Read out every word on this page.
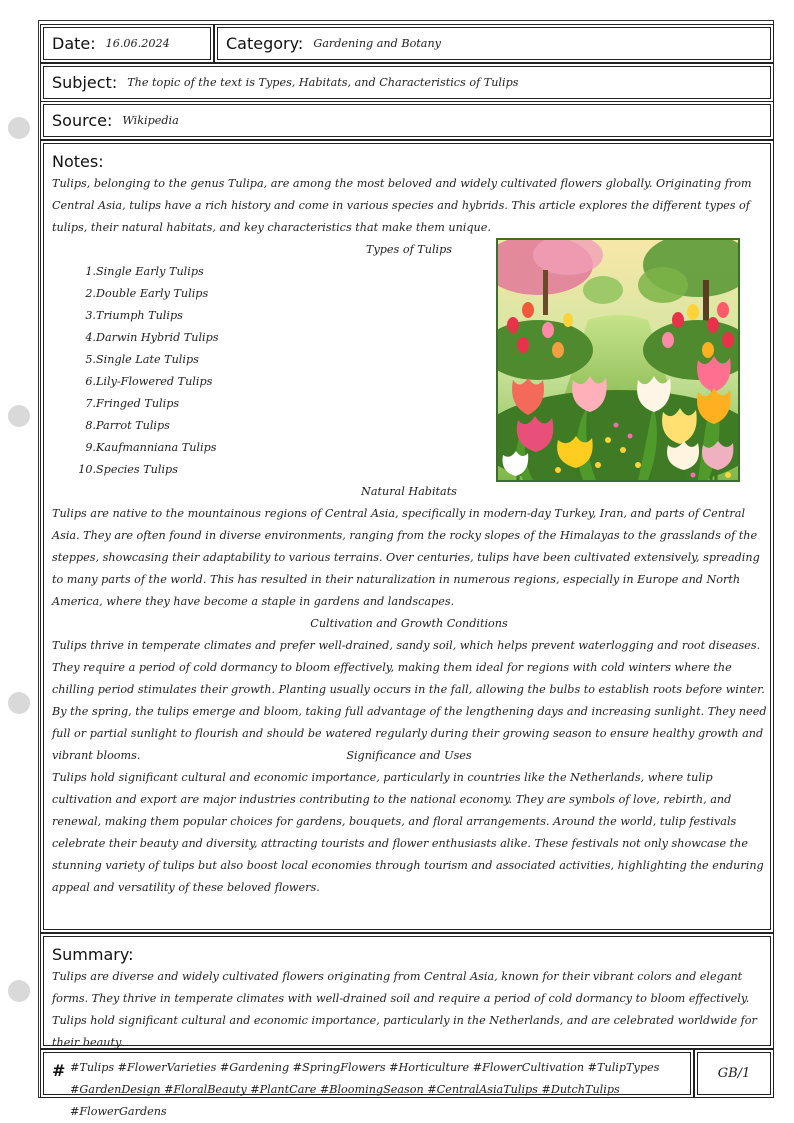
Date: 16.06.2024	Category: Gardening and Botany
Subject: The topic of the text is Types, Habitats, and Characteristics of Tulips
Source: Wikipedia
Notes:

Tulips, belonging to the genus Tulipa, are among the most beloved and widely cultivated flowers globally. Originating from Central Asia, tulips have a rich history and come in various species and hybrids. This article explores the different types of tulips, their natural habitats, and key characteristics that make them unique.

Types of Tulips
1. Single Early Tulips
2. Double Early Tulips
3. Triumph Tulips
4. Darwin Hybrid Tulips
5. Single Late Tulips
6. Lily-Flowered Tulips
7. Fringed Tulips
8. Parrot Tulips
9. Kaufmanniana Tulips
10. Species Tulips
Natural Habitats

Tulips are native to the mountainous regions of Central Asia, specifically in modern-day Turkey, Iran, and parts of Central Asia. They are often found in diverse environments, ranging from the rocky slopes of the Himalayas to the grasslands of the steppes, showcasing their adaptability to various terrains. Over centuries, tulips have been cultivated extensively, spreading to many parts of the world. This has resulted in their naturalization in numerous regions, especially in Europe and North America, where they have become a staple in gardens and landscapes.

Cultivation and Growth Conditions

Tulips thrive in temperate climates and prefer well-drained, sandy soil, which helps prevent waterlogging and root diseases. They require a period of cold dormancy to bloom effectively, making them ideal for regions with cold winters where the chilling period stimulates their growth. Planting usually occurs in the fall, allowing the bulbs to establish roots before winter. By the spring, the tulips emerge and bloom, taking full advantage of the lengthening days and increasing sunlight. They need full or partial sunlight to flourish and should be watered regularly during their growing season to ensure healthy growth and vibrant blooms.	Significance and Uses

Tulips hold significant cultural and economic importance, particularly in countries like the Netherlands, where tulip cultivation and export are major industries contributing to the national economy. They are symbols of love, rebirth, and renewal, making them popular choices for gardens, bouquets, and floral arrangements. Around the world, tulip festivals celebrate their beauty and diversity, attracting tourists and flower enthusiasts alike. These festivals not only showcase the stunning variety of tulips but also boost local economies through tourism and associated activities, highlighting the enduring appeal and versatility of these beloved flowers.

Summary:

Tulips are diverse and widely cultivated flowers originating from Central Asia, known for their vibrant colors and elegant forms. They thrive in temperate climates with well-drained soil and require a period of cold dormancy to bloom effectively. Tulips hold significant cultural and economic importance, particularly in the Netherlands, and are celebrated worldwide for their beauty.

# #Tulips #FlowerVarieties #Gardening #SpringFlowers #Horticulture #FlowerCultivation #TulipTypes #GardenDesign #FloralBeauty #PlantCare #BloomingSeason #CentralAsiaTulips #DutchTulips #FlowerGardens
GB/1
